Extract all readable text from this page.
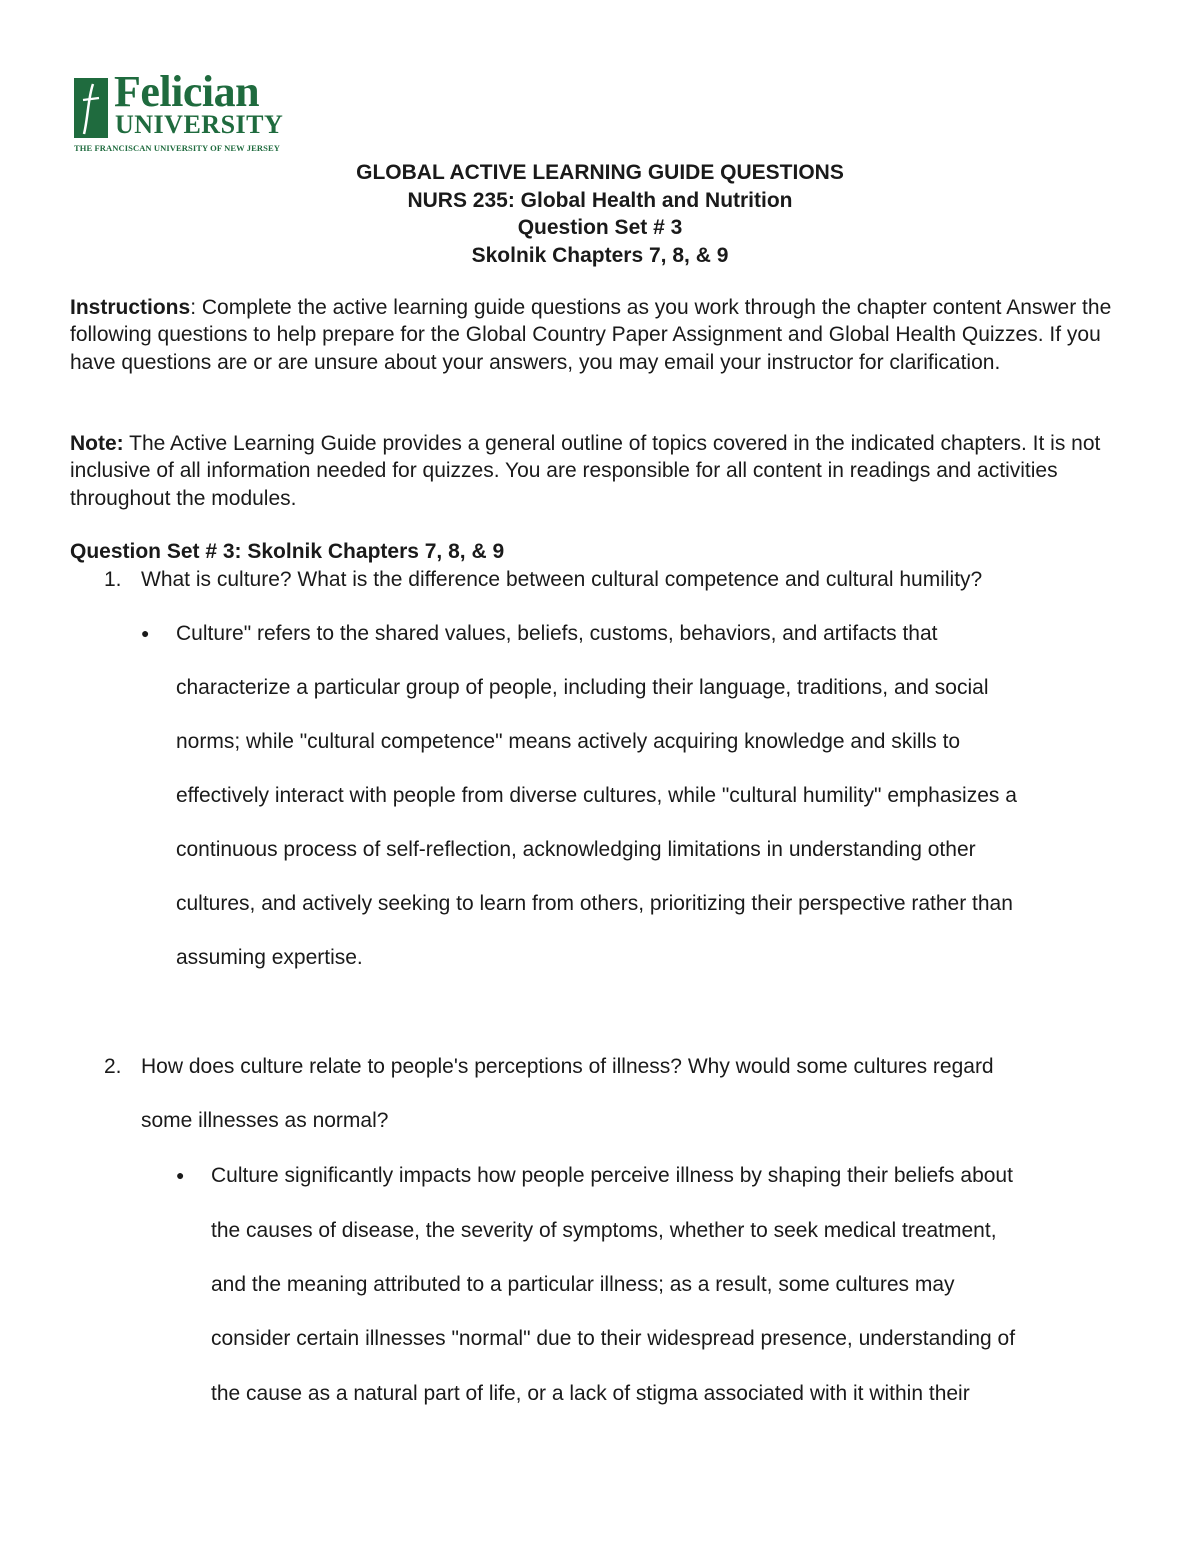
Felician
UNIVERSITY
THE FRANCISCAN UNIVERSITY OF NEW JERSEY
GLOBAL ACTIVE LEARNING GUIDE QUESTIONS
NURS 235: Global Health and Nutrition
Question Set # 3
Skolnik Chapters 7, 8, & 9
Instructions: Complete the active learning guide questions as you work through the chapter content Answer the following questions to help prepare for the Global Country Paper Assignment and Global Health Quizzes. If you have questions are or are unsure about your answers, you may email your instructor for clarification.
Note: The Active Learning Guide provides a general outline of topics covered in the indicated chapters. It is not inclusive of all information needed for quizzes. You are responsible for all content in readings and activities throughout the modules.
Question Set # 3: Skolnik Chapters 7, 8, & 9
1. What is culture? What is the difference between cultural competence and cultural humility?
● Culture" refers to the shared values, beliefs, customs, behaviors, and artifacts that
characterize a particular group of people, including their language, traditions, and social
norms; while "cultural competence" means actively acquiring knowledge and skills to
effectively interact with people from diverse cultures, while "cultural humility" emphasizes a
continuous process of self-reflection, acknowledging limitations in understanding other
cultures, and actively seeking to learn from others, prioritizing their perspective rather than
assuming expertise.
2. How does culture relate to people's perceptions of illness? Why would some cultures regard
some illnesses as normal?
● Culture significantly impacts how people perceive illness by shaping their beliefs about
the causes of disease, the severity of symptoms, whether to seek medical treatment,
and the meaning attributed to a particular illness; as a result, some cultures may
consider certain illnesses "normal" due to their widespread presence, understanding of
the cause as a natural part of life, or a lack of stigma associated with it within their
